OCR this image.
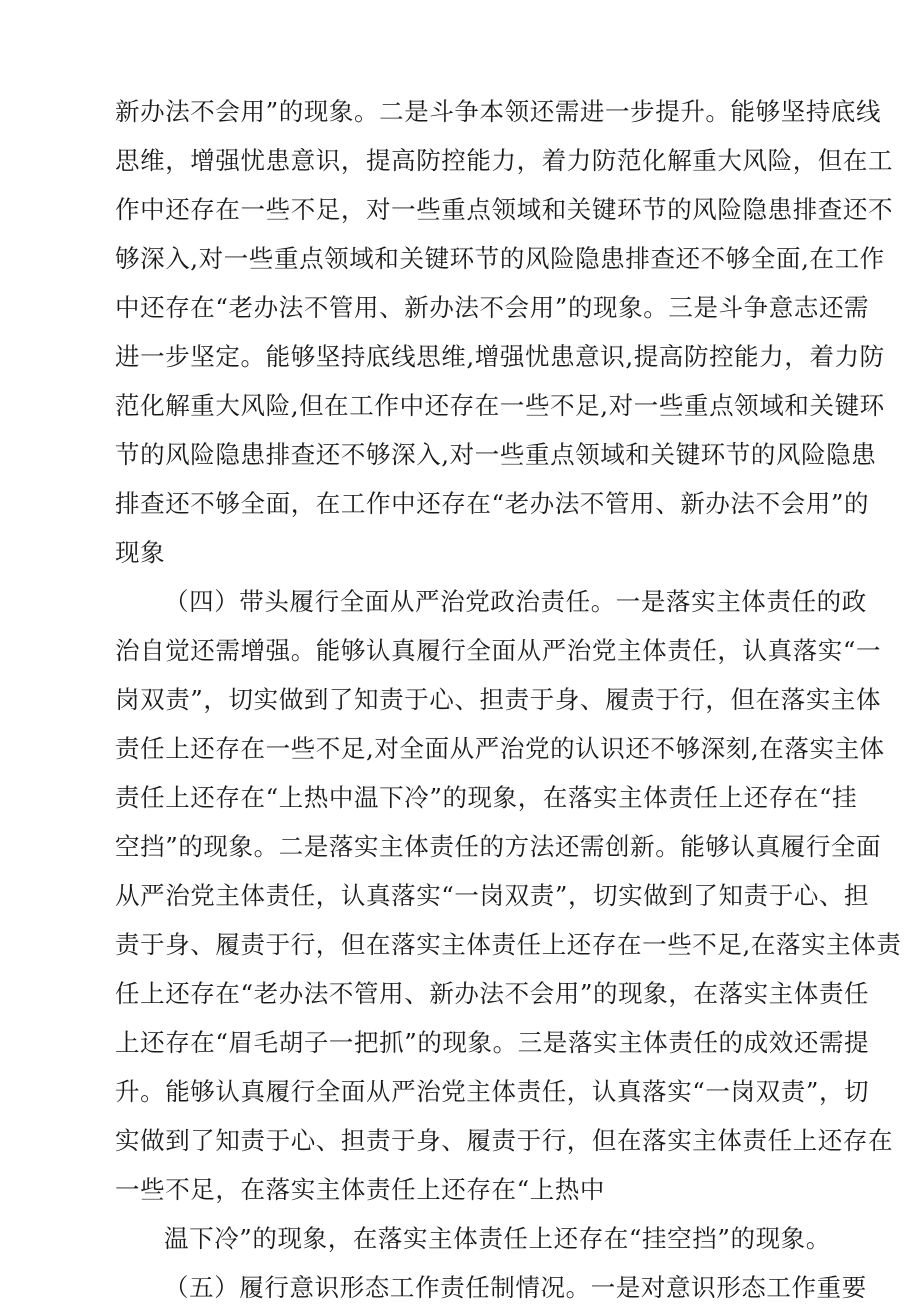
新办法不会用”的现象。二是斗争本领还需进一步提升。能够坚持底线
思维，增强忧患意识，提高防控能力，着力防范化解重大风险，但在工
作中还存在一些不足，对一些重点领域和关键环节的风险隐患排查还不
够深入,对一些重点领域和关键环节的风险隐患排查还不够全面,在工作
中还存在“老办法不管用、新办法不会用”的现象。三是斗争意志还需
进一步坚定。能够坚持底线思维,增强忧患意识,提高防控能力，着力防
范化解重大风险,但在工作中还存在一些不足,对一些重点领域和关键环
节的风险隐患排查还不够深入,对一些重点领域和关键环节的风险隐患
排查还不够全面，在工作中还存在“老办法不管用、新办法不会用”的
现象
（四）带头履行全面从严治党政治责任。一是落实主体责任的政
治自觉还需增强。能够认真履行全面从严治党主体责任，认真落实“一
岗双责”，切实做到了知责于心、担责于身、履责于行，但在落实主体
责任上还存在一些不足,对全面从严治党的认识还不够深刻,在落实主体
责任上还存在“上热中温下冷”的现象，在落实主体责任上还存在“挂
空挡”的现象。二是落实主体责任的方法还需创新。能够认真履行全面
从严治党主体责任，认真落实“一岗双责”，切实做到了知责于心、担
责于身、履责于行，但在落实主体责任上还存在一些不足,在落实主体责
任上还存在“老办法不管用、新办法不会用”的现象，在落实主体责任
上还存在“眉毛胡子一把抓”的现象。三是落实主体责任的成效还需提
升。能够认真履行全面从严治党主体责任，认真落实“一岗双责”，切
实做到了知责于心、担责于身、履责于行，但在落实主体责任上还存在
一些不足，在落实主体责任上还存在“上热中
温下冷”的现象，在落实主体责任上还存在“挂空挡”的现象。
（五）履行意识形态工作责任制情况。一是对意识形态工作重要
